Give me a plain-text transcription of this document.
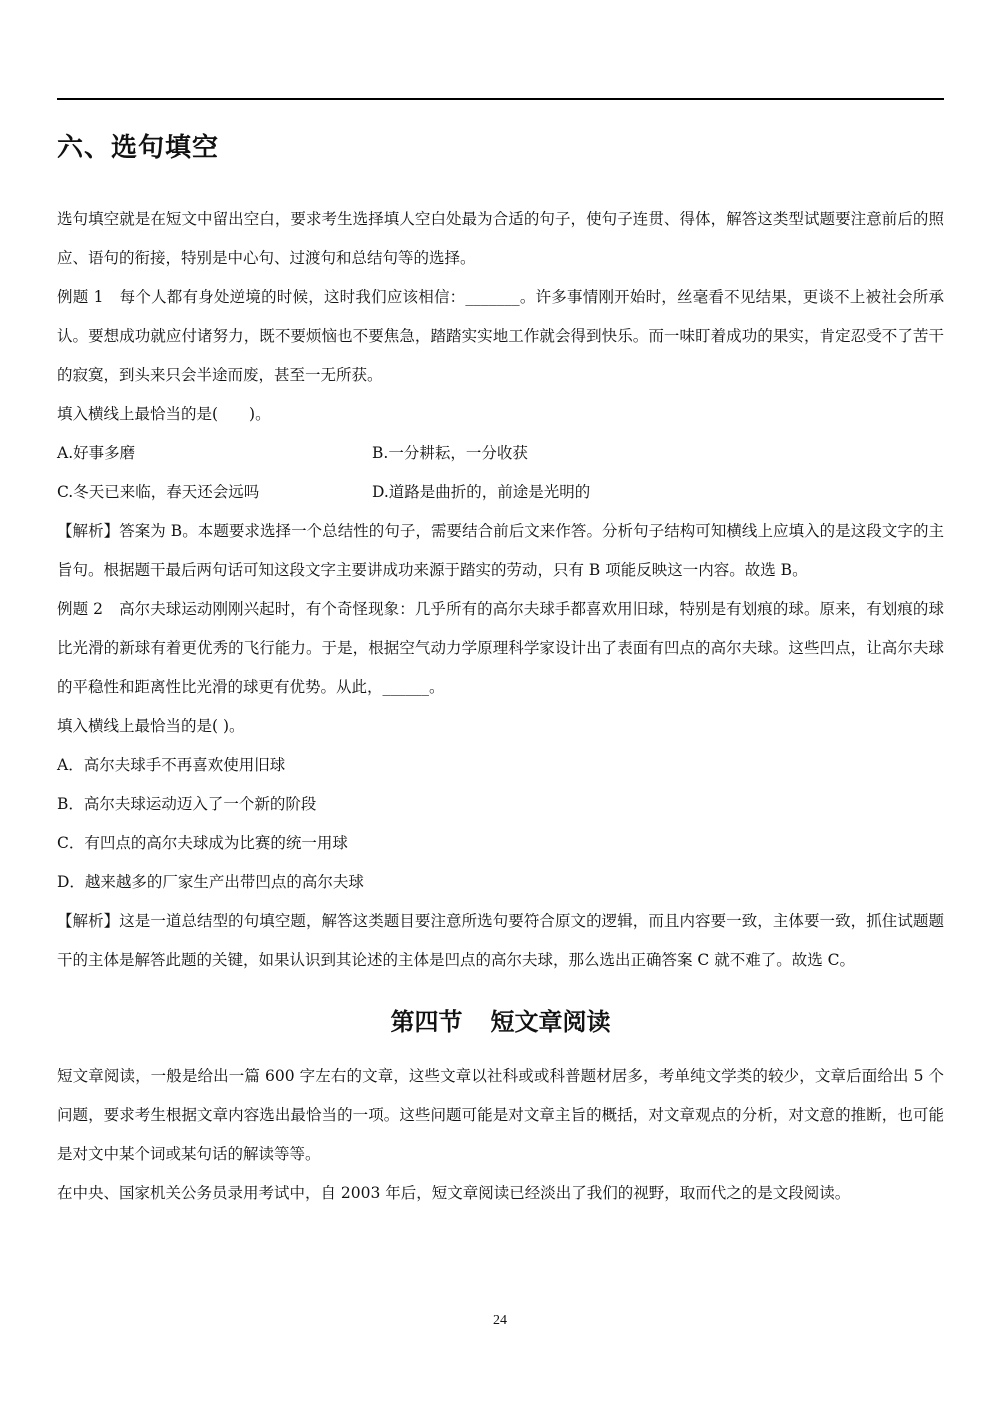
六、选句填空

选句填空就是在短文中留出空白，要求考生选择填人空白处最为合适的句子，使句子连贯、得体，解答这类型试题要注意前后的照应、语句的衔接，特别是中心句、过渡句和总结句等的选择。

例题 1 每个人都有身处逆境的时候，这时我们应该相信：_______。许多事情刚开始时，丝毫看不见结果，更谈不上被社会所承认。要想成功就应付诸努力，既不要烦恼也不要焦急，踏踏实实地工作就会得到快乐。而一味盯着成功的果实，肯定忍受不了苦干的寂寞，到头来只会半途而废，甚至一无所获。

填入横线上最恰当的是(　　)。

A.好事多磨	B.一分耕耘，一分收获
C.冬天已来临，春天还会远吗	D.道路是曲折的，前途是光明的

【解析】答案为 B。本题要求选择一个总结性的句子，需要结合前后文来作答。分析句子结构可知横线上应填入的是这段文字的主旨句。根据题干最后两句话可知这段文字主要讲成功来源于踏实的劳动，只有 B 项能反映这一内容。故选 B。

例题 2 高尔夫球运动刚刚兴起时，有个奇怪现象：几乎所有的高尔夫球手都喜欢用旧球，特别是有划痕的球。原来，有划痕的球比光滑的新球有着更优秀的飞行能力。于是，根据空气动力学原理科学家设计出了表面有凹点的高尔夫球。这些凹点，让高尔夫球的平稳性和距离性比光滑的球更有优势。从此，______。

填入横线上最恰当的是( )。

A．高尔夫球手不再喜欢使用旧球

B．高尔夫球运动迈入了一个新的阶段

C．有凹点的高尔夫球成为比赛的统一用球

D．越来越多的厂家生产出带凹点的高尔夫球

【解析】这是一道总结型的句填空题，解答这类题目要注意所选句要符合原文的逻辑，而且内容要一致，主体要一致，抓住试题题干的主体是解答此题的关键，如果认识到其论述的主体是凹点的高尔夫球，那么选出正确答案 C 就不难了。故选 C。

第四节 短文章阅读

短文章阅读，一般是给出一篇 600 字左右的文章，这些文章以社科或或科普题材居多，考单纯文学类的较少，文章后面给出 5 个问题，要求考生根据文章内容选出最恰当的一项。这些问题可能是对文章主旨的概括，对文章观点的分析，对文意的推断，也可能是对文中某个词或某句话的解读等等。

在中央、国家机关公务员录用考试中，自 2003 年后，短文章阅读已经淡出了我们的视野，取而代之的是文段阅读。

24
